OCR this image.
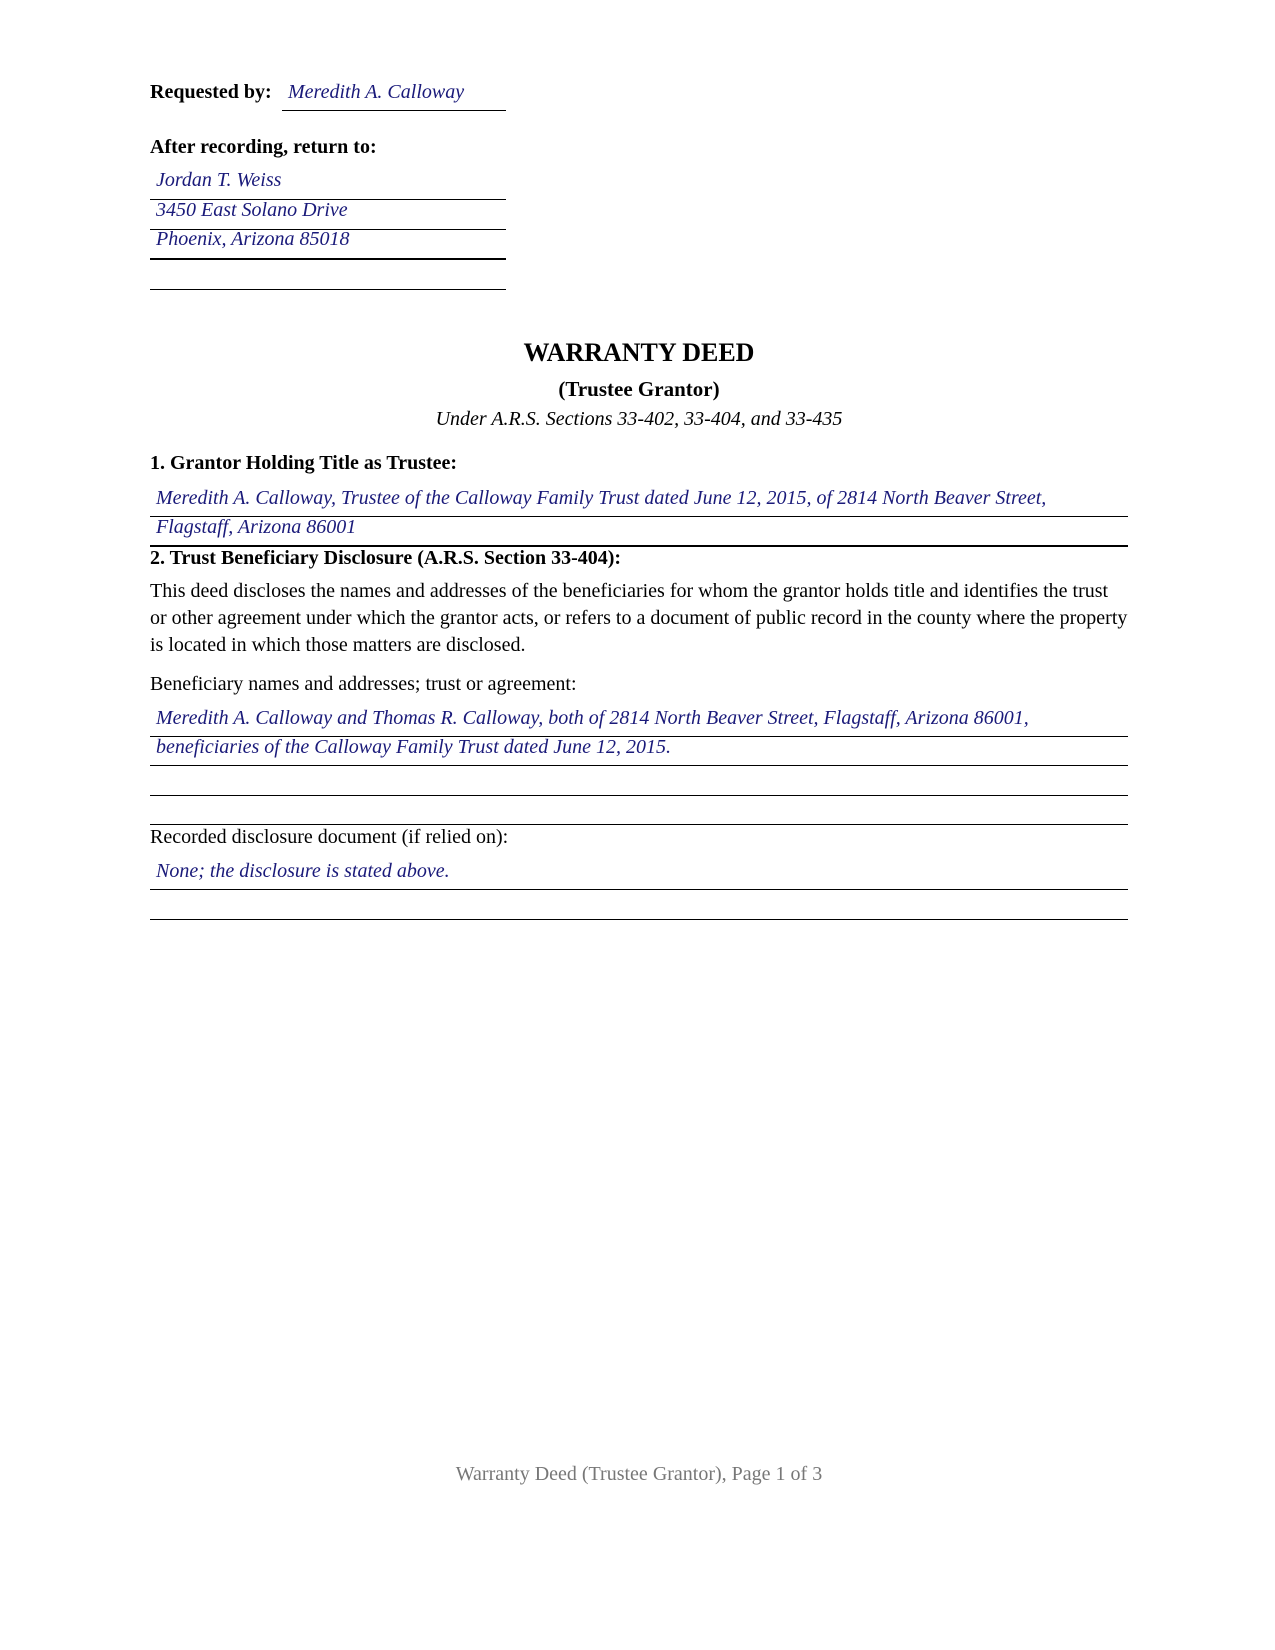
Requested by: Meredith A. Calloway
After recording, return to:
Jordan T. Weiss
3450 East Solano Drive
Phoenix, Arizona 85018
WARRANTY DEED
(Trustee Grantor)
Under A.R.S. Sections 33-402, 33-404, and 33-435
1. Grantor Holding Title as Trustee:
Meredith A. Calloway, Trustee of the Calloway Family Trust dated June 12, 2015, of 2814 North Beaver Street,
Flagstaff, Arizona 86001
2. Trust Beneficiary Disclosure (A.R.S. Section 33-404):
This deed discloses the names and addresses of the beneficiaries for whom the grantor holds title and identifies the trust or other agreement under which the grantor acts, or refers to a document of public record in the county where the property is located in which those matters are disclosed.
Beneficiary names and addresses; trust or agreement:
Meredith A. Calloway and Thomas R. Calloway, both of 2814 North Beaver Street, Flagstaff, Arizona 86001,
beneficiaries of the Calloway Family Trust dated June 12, 2015.
Recorded disclosure document (if relied on):
None; the disclosure is stated above.
Warranty Deed (Trustee Grantor), Page 1 of 3
